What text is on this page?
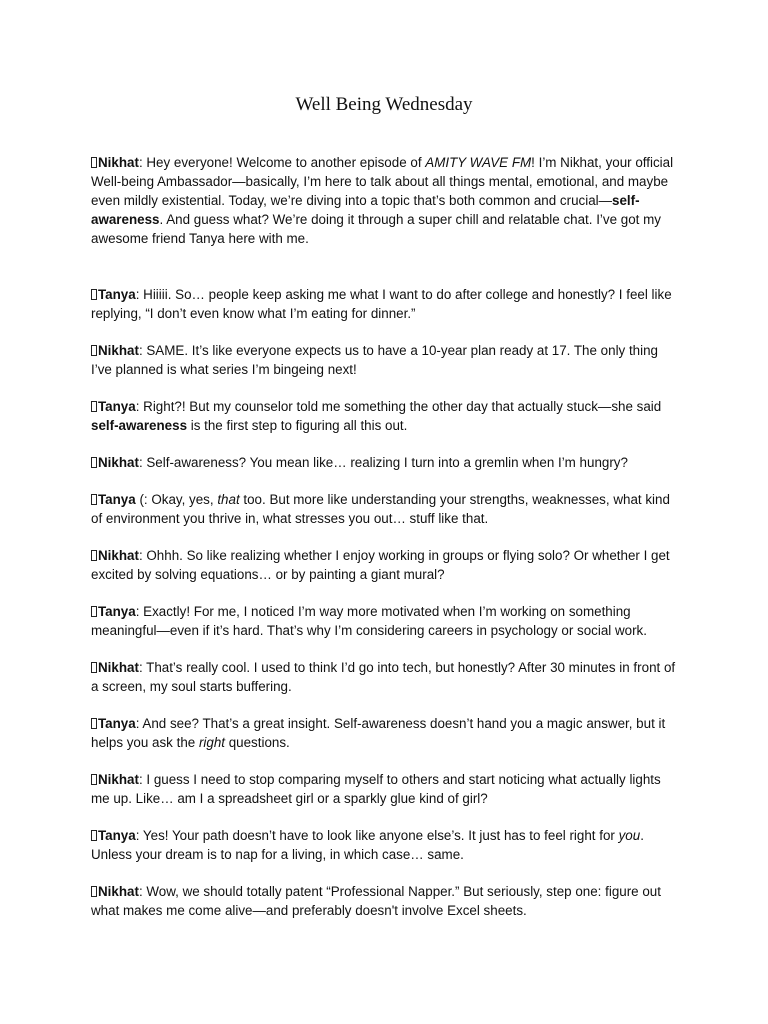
Well Being Wednesday

Nikhat: Hey everyone! Welcome to another episode of AMITY WAVE FM! I’m Nikhat, your official Well-being Ambassador—basically, I’m here to talk about all things mental, emotional, and maybe even mildly existential. Today, we’re diving into a topic that’s both common and crucial—self-awareness. And guess what? We’re doing it through a super chill and relatable chat. I’ve got my awesome friend Tanya here with me.

Tanya: Hiiiii. So… people keep asking me what I want to do after college and honestly? I feel like replying, “I don’t even know what I’m eating for dinner.”

Nikhat: SAME. It’s like everyone expects us to have a 10-year plan ready at 17. The only thing I’ve planned is what series I’m bingeing next!

Tanya: Right?! But my counselor told me something the other day that actually stuck—she said self-awareness is the first step to figuring all this out.

Nikhat: Self-awareness? You mean like… realizing I turn into a gremlin when I’m hungry?

Tanya (: Okay, yes, that too. But more like understanding your strengths, weaknesses, what kind of environment you thrive in, what stresses you out… stuff like that.

Nikhat: Ohhh. So like realizing whether I enjoy working in groups or flying solo? Or whether I get excited by solving equations… or by painting a giant mural?

Tanya: Exactly! For me, I noticed I’m way more motivated when I’m working on something meaningful—even if it’s hard. That’s why I’m considering careers in psychology or social work.

Nikhat: That’s really cool. I used to think I’d go into tech, but honestly? After 30 minutes in front of a screen, my soul starts buffering.

Tanya: And see? That’s a great insight. Self-awareness doesn’t hand you a magic answer, but it helps you ask the right questions.

Nikhat: I guess I need to stop comparing myself to others and start noticing what actually lights me up. Like… am I a spreadsheet girl or a sparkly glue kind of girl?

Tanya: Yes! Your path doesn’t have to look like anyone else’s. It just has to feel right for you. Unless your dream is to nap for a living, in which case… same.

Nikhat: Wow, we should totally patent “Professional Napper.” But seriously, step one: figure out what makes me come alive—and preferably doesn't involve Excel sheets.
